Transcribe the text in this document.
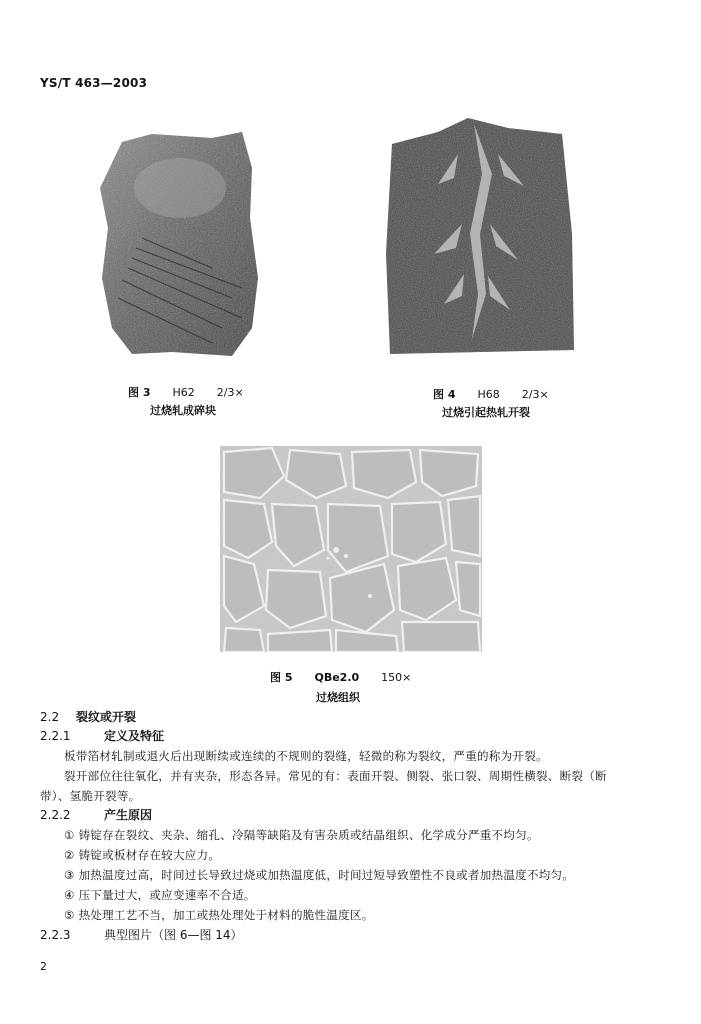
YS/T 463—2003
图 3 H62 2/3×
过烧轧成碎块
图 4 H68 2/3×
过烧引起热轧开裂
图 5 QBe2.0 150×
过烧组织
2.2 裂纹或开裂
2.2.1	定义及特征
板带箔材轧制或退火后出现断续或连续的不规则的裂缝，轻微的称为裂纹，严重的称为开裂。
裂开部位往往氧化，并有夹杂，形态各异。常见的有：表面开裂、侧裂、张口裂、周期性横裂、断裂（断
带）、氢脆开裂等。
2.2.2	产生原因
① 铸锭存在裂纹、夹杂、缩孔、冷隔等缺陷及有害杂质或结晶组织、化学成分严重不均匀。
② 铸锭或板材存在较大应力。
③ 加热温度过高，时间过长导致过烧或加热温度低，时间过短导致塑性不良或者加热温度不均匀。
④ 压下量过大，或应变速率不合适。
⑤ 热处理工艺不当，加工或热处理处于材料的脆性温度区。
2.2.3	典型图片（图 6—图 14）
2
